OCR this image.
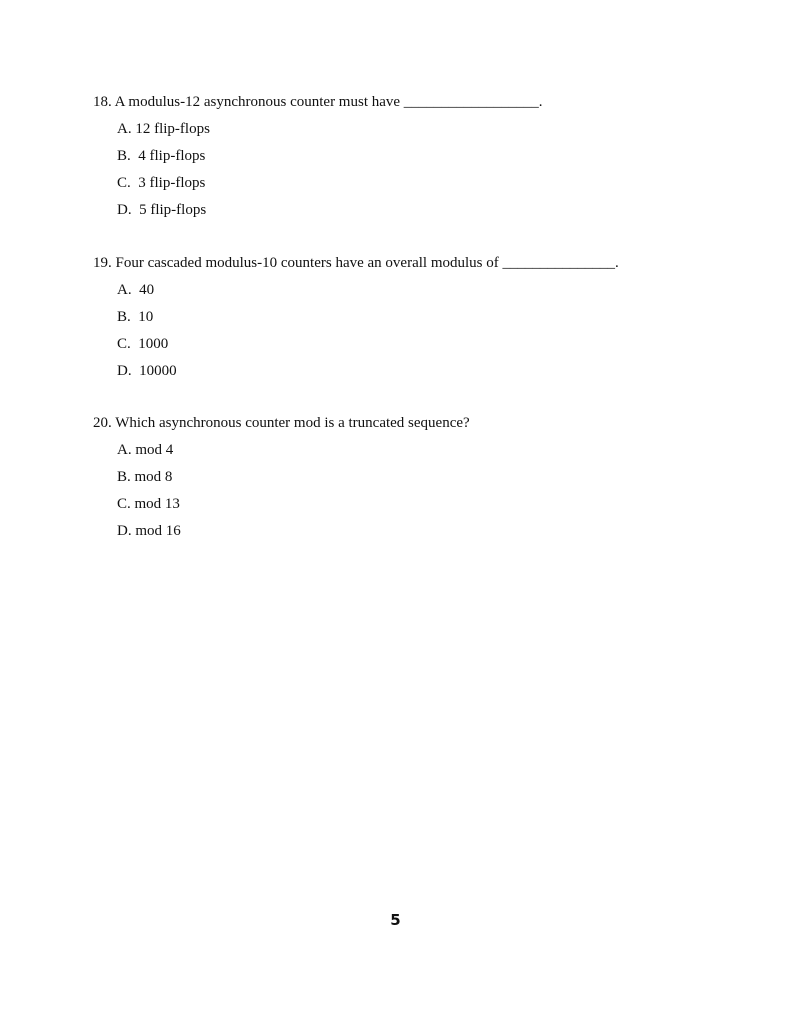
18. A modulus-12 asynchronous counter must have __________________.

A. 12 flip-flops
B.  4 flip-flops
C.  3 flip-flops
D.  5 flip-flops

19. Four cascaded modulus-10 counters have an overall modulus of _______________.

A.  40
B.  10
C.  1000
D.  10000

20. Which asynchronous counter mod is a truncated sequence?

A. mod 4
B. mod 8
C. mod 13
D. mod 16
5
